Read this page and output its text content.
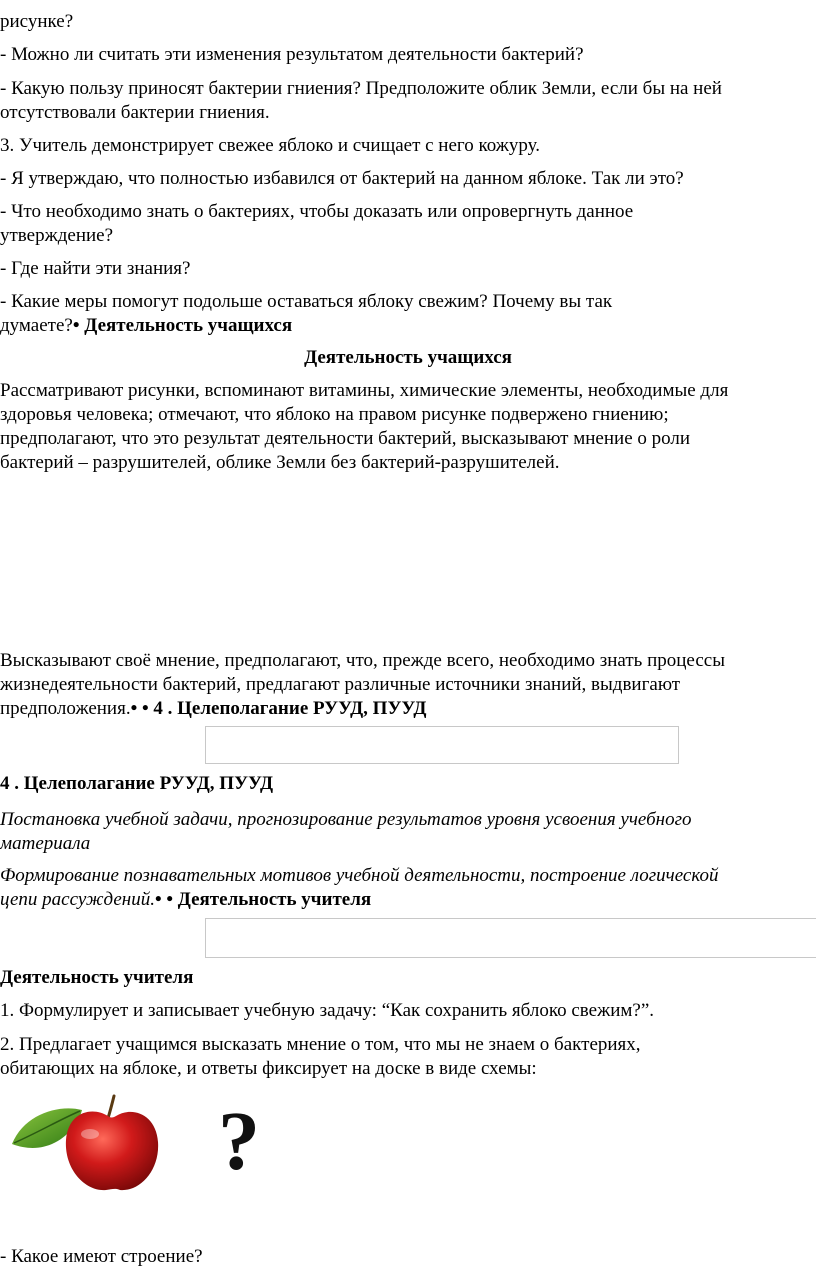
рисунке?

- Можно ли считать эти изменения результатом деятельности бактерий?

- Какую пользу приносят бактерии гниения? Предположите облик Земли, если бы на ней

отсутствовали бактерии гниения.

3. Учитель демонстрирует свежее яблоко и счищает с него кожуру.

- Я утверждаю, что полностью избавился от бактерий на данном яблоке. Так ли это?

- Что необходимо знать о бактериях, чтобы доказать или опровергнуть данное

утверждение?

- Где найти эти знания?

- Какие меры помогут подольше оставаться яблоку свежим? Почему вы так

думаете?• Деятельность учащихся

Деятельность учащихся

Рассматривают рисунки, вспоминают витамины, химические элементы, необходимые для

здоровья человека; отмечают, что яблоко на правом рисунке подвержено гниению;

предполагают, что это результат деятельности бактерий, высказывают мнение о роли

бактерий – разрушителей, облике Земли без бактерий-разрушителей.

Высказывают своё мнение, предполагают, что, прежде всего, необходимо знать процессы

жизнедеятельности бактерий, предлагают различные источники знаний, выдвигают

предположения.• • 4 . Целеполагание РУУД, ПУУД

4 . Целеполагание РУУД, ПУУД

Постановка учебной задачи, прогнозирование результатов уровня усвоения учебного

материала

Формирование познавательных мотивов учебной деятельности, построение логической

цепи рассуждений.• • Деятельность учителя

Деятельность учителя

1. Формулирует и записывает учебную задачу: “Как сохранить яблоко свежим?”.

2. Предлагает учащимся высказать мнение о том, что мы не знаем о бактериях,

обитающих на яблоке, и ответы фиксирует на доске в виде схемы:

?

- Какое имеют строение?
